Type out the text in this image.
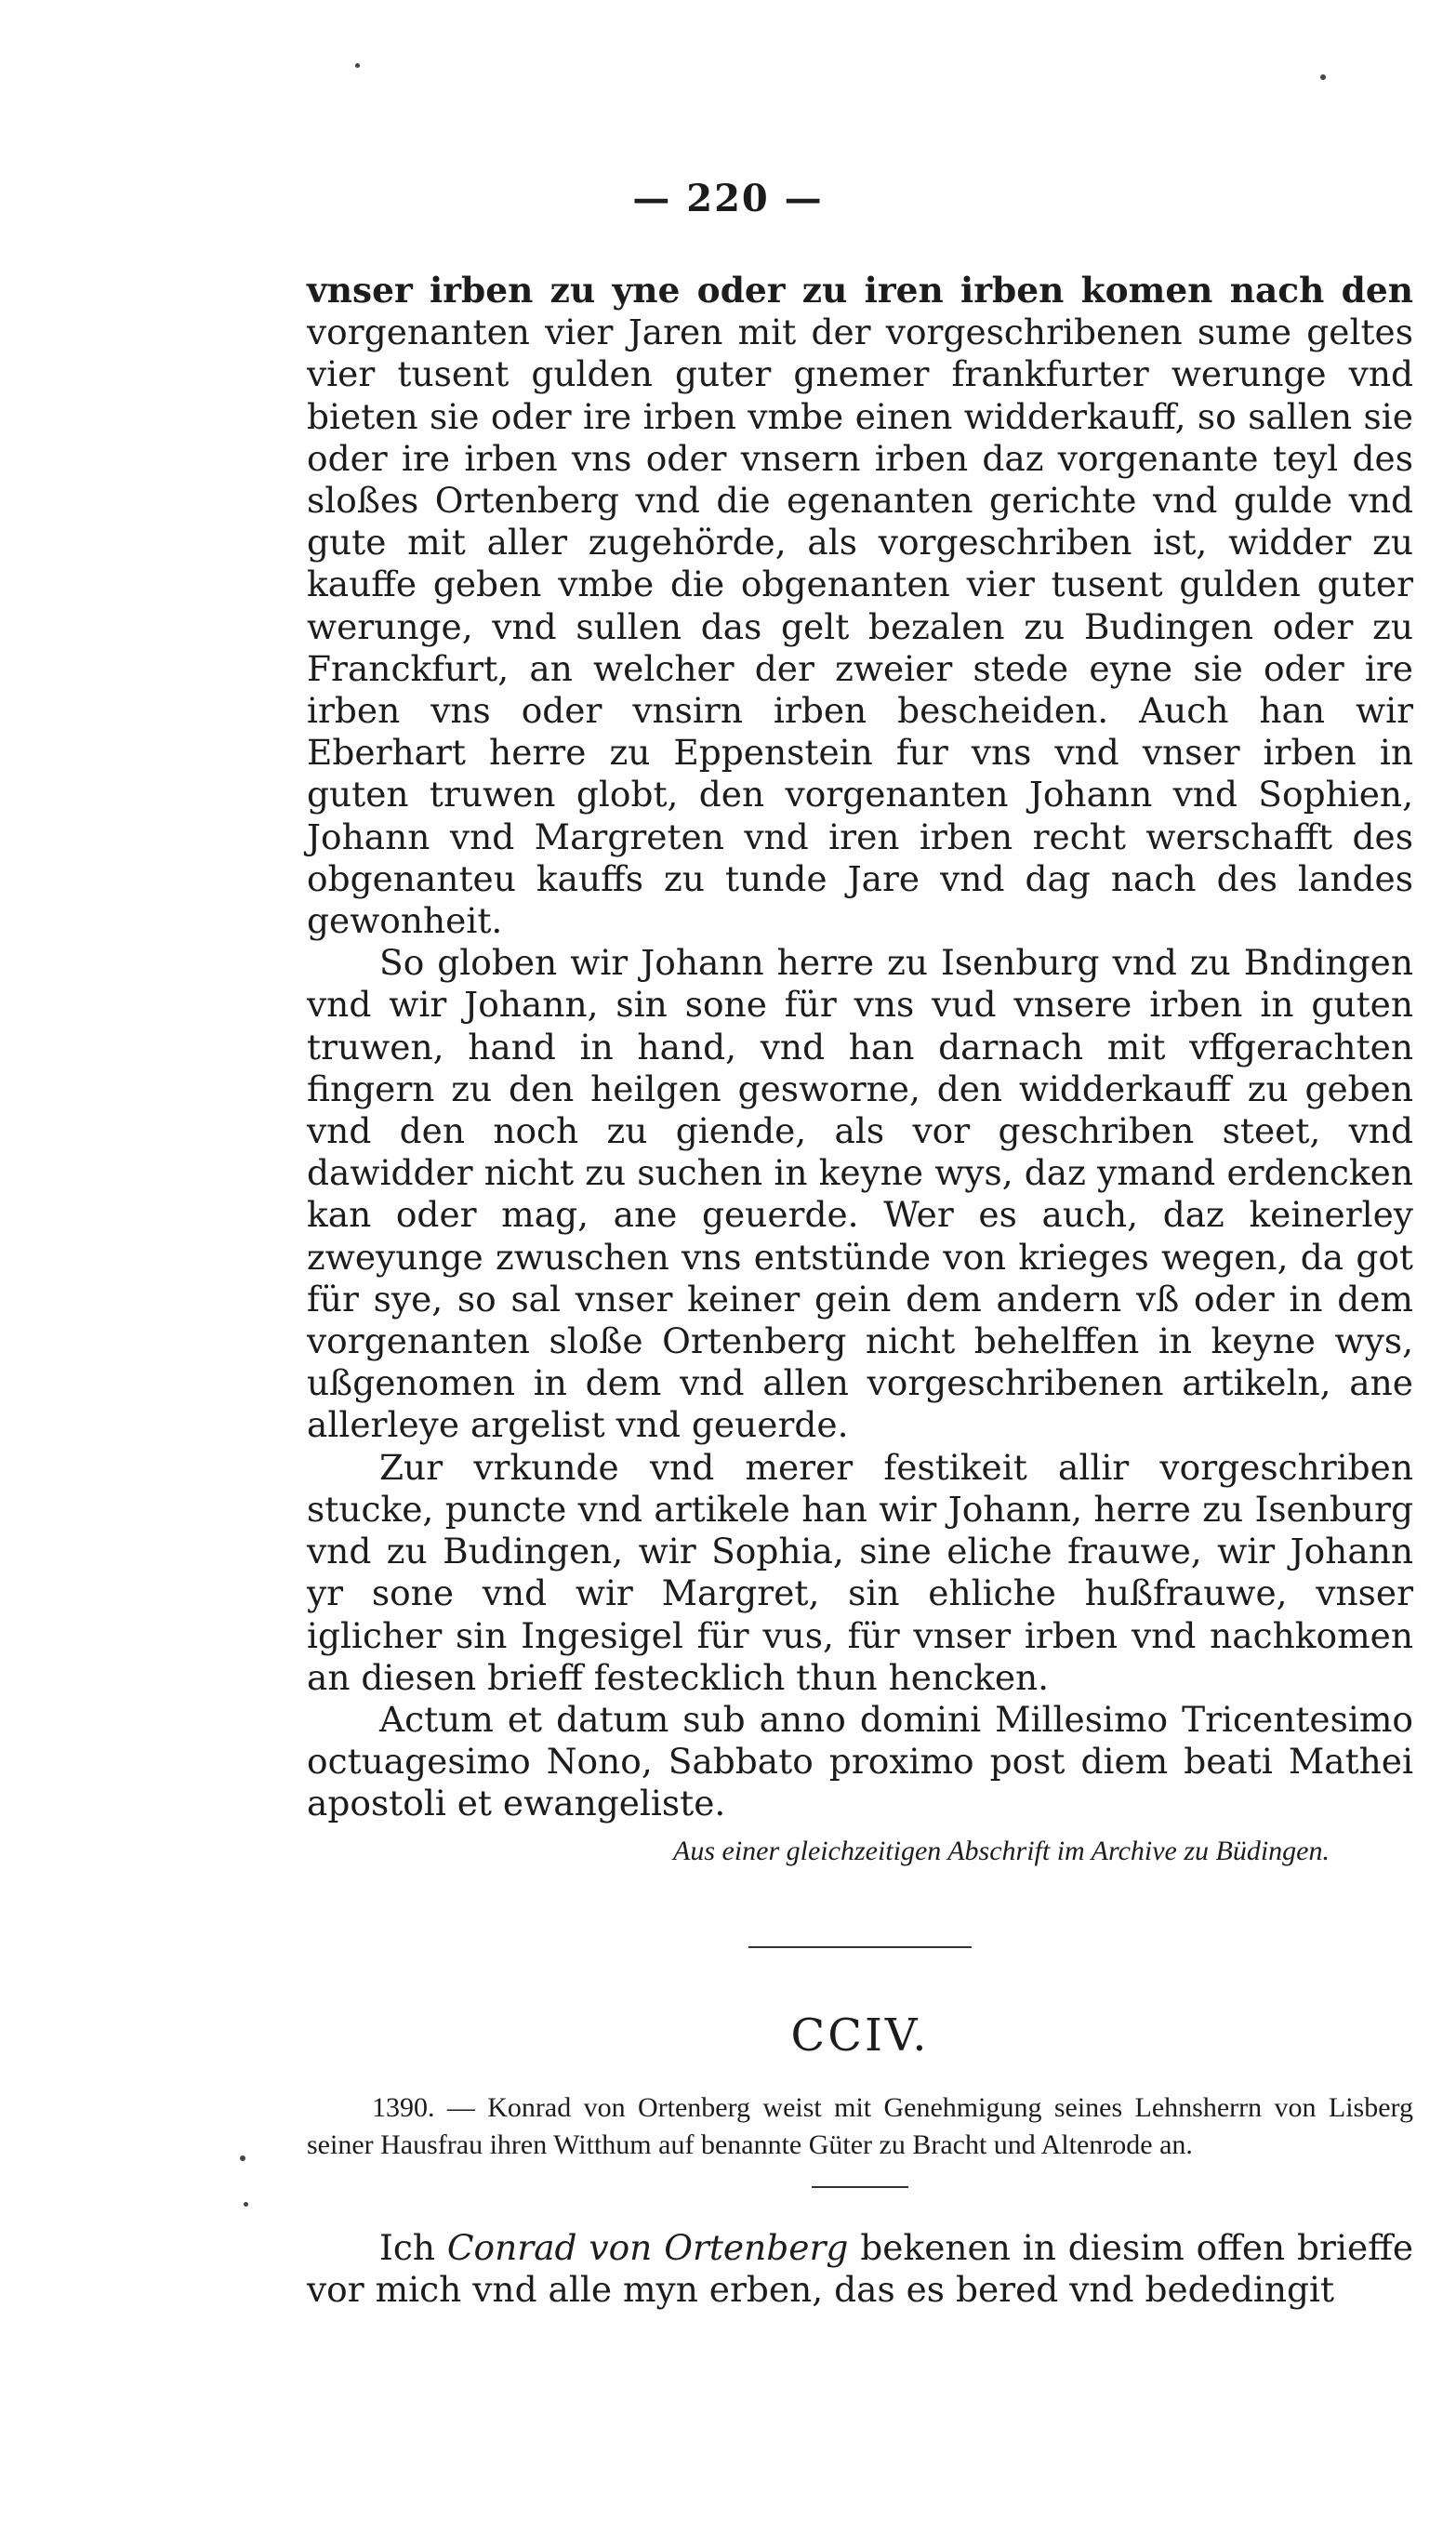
— 220 —

vnser irben zu yne oder zu iren irben komen nach den vorgenanten vier Jaren mit der vorgeschribenen sume geltes vier tusent gulden guter gnemer frankfurter werunge vnd bieten sie oder ire irben vmbe einen widderkauff, so sallen sie oder ire irben vns oder vnsern irben daz vorgenante teyl des sloßes Ortenberg vnd die egenanten gerichte vnd gulde vnd gute mit aller zugehörde, als vorgeschriben ist, widder zu kauffe geben vmbe die obgenanten vier tusent gulden guter werunge, vnd sullen das gelt bezalen zu Budingen oder zu Franckfurt, an welcher der zweier stede eyne sie oder ire irben vns oder vnsirn irben bescheiden. Auch han wir Eberhart herre zu Eppenstein fur vns vnd vnser irben in guten truwen globt, den vorgenanten Johann vnd Sophien, Johann vnd Margreten vnd iren irben recht werschafft des obgenanteu kauffs zu tunde Jare vnd dag nach des landes gewonheit.

So globen wir Johann herre zu Isenburg vnd zu Bndingen vnd wir Johann, sin sone für vns vud vnsere irben in guten truwen, hand in hand, vnd han darnach mit vffgerachten fingern zu den heilgen gesworne, den widderkauff zu geben vnd den noch zu giende, als vor geschriben steet, vnd dawidder nicht zu suchen in keyne wys, daz ymand erdencken kan oder mag, ane geuerde. Wer es auch, daz keinerley zweyunge zwuschen vns entstünde von krieges wegen, da got für sye, so sal vnser keiner gein dem andern vß oder in dem vorgenanten sloße Ortenberg nicht behelffen in keyne wys, ußgenomen in dem vnd allen vorgeschribenen artikeln, ane allerleye argelist vnd geuerde.

Zur vrkunde vnd merer festikeit allir vorgeschriben stucke, puncte vnd artikele han wir Johann, herre zu Isenburg vnd zu Budingen, wir Sophia, sine eliche frauwe, wir Johann yr sone vnd wir Margret, sin ehliche hußfrauwe, vnser iglicher sin Ingesigel für vus, für vnser irben vnd nachkomen an diesen brieff festecklich thun hencken.

Actum et datum sub anno domini Millesimo Tricentesimo octuagesimo Nono, Sabbato proximo post diem beati Mathei apostoli et ewangeliste.

Aus einer gleichzeitigen Abschrift im Archive zu Büdingen.

CCIV.

1390. — Konrad von Ortenberg weist mit Genehmigung seines Lehnsherrn von Lisberg seiner Hausfrau ihren Witthum auf benannte Güter zu Bracht und Altenrode an.

Ich Conrad von Ortenberg bekenen in diesim offen brieffe vor mich vnd alle myn erben, das es bered vnd bededingit
